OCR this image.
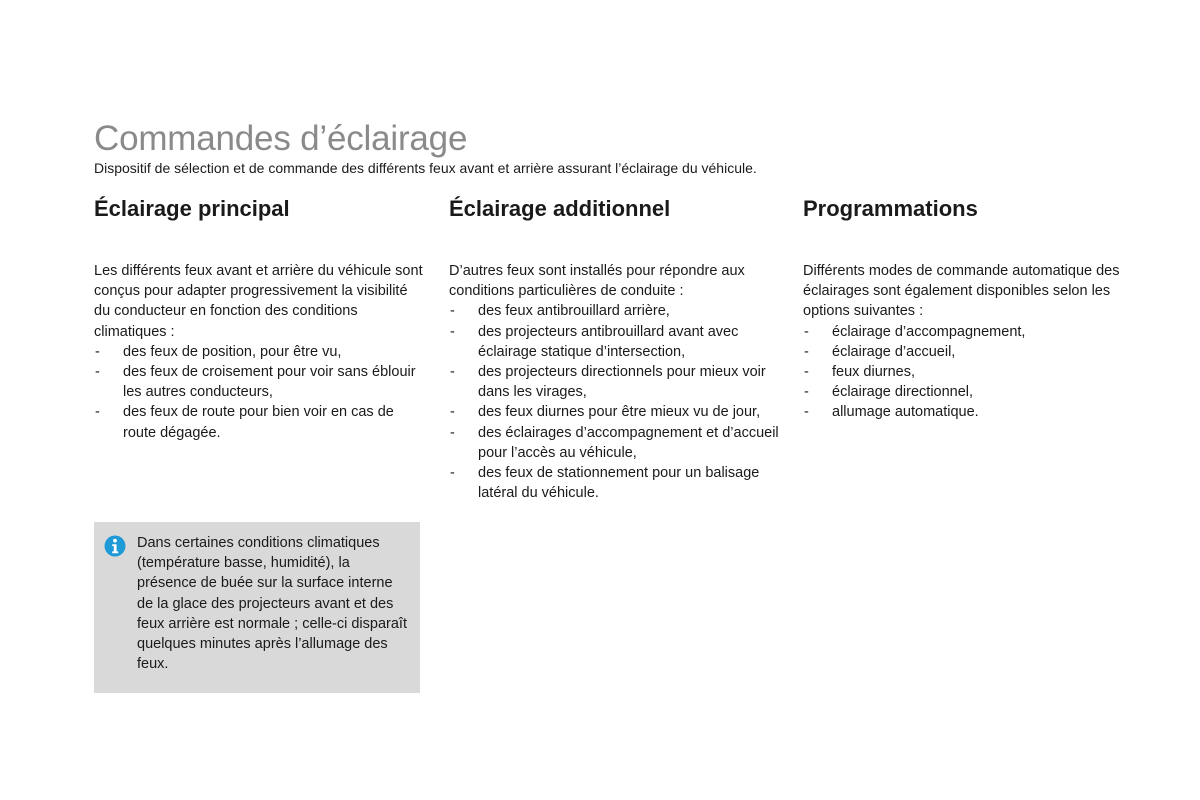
Commandes d’éclairage

Dispositif de sélection et de commande des différents feux avant et arrière assurant l’éclairage du véhicule.

Éclairage principal

Les différents feux avant et arrière du véhicule sont conçus pour adapter progressivement la visibilité du conducteur en fonction des conditions climatiques :

- des feux de position, pour être vu,
- des feux de croisement pour voir sans éblouir les autres conducteurs,
- des feux de route pour bien voir en cas de route dégagée.
Éclairage additionnel

D’autres feux sont installés pour répondre aux conditions particulières de conduite :

- des feux antibrouillard arrière,
- des projecteurs antibrouillard avant avec éclairage statique d’intersection,
- des projecteurs directionnels pour mieux voir dans les virages,
- des feux diurnes pour être mieux vu de jour,
- des éclairages d’accompagnement et d’accueil pour l’accès au véhicule,
- des feux de stationnement pour un balisage latéral du véhicule.
Programmations

Différents modes de commande automatique des éclairages sont également disponibles selon les options suivantes :

- éclairage d’accompagnement,
- éclairage d’accueil,
- feux diurnes,
- éclairage directionnel,
- allumage automatique.

Dans certaines conditions climatiques (température basse, humidité), la présence de buée sur la surface interne de la glace des projecteurs avant et des feux arrière est normale ; celle-ci disparaît quelques minutes après l’allumage des feux.
